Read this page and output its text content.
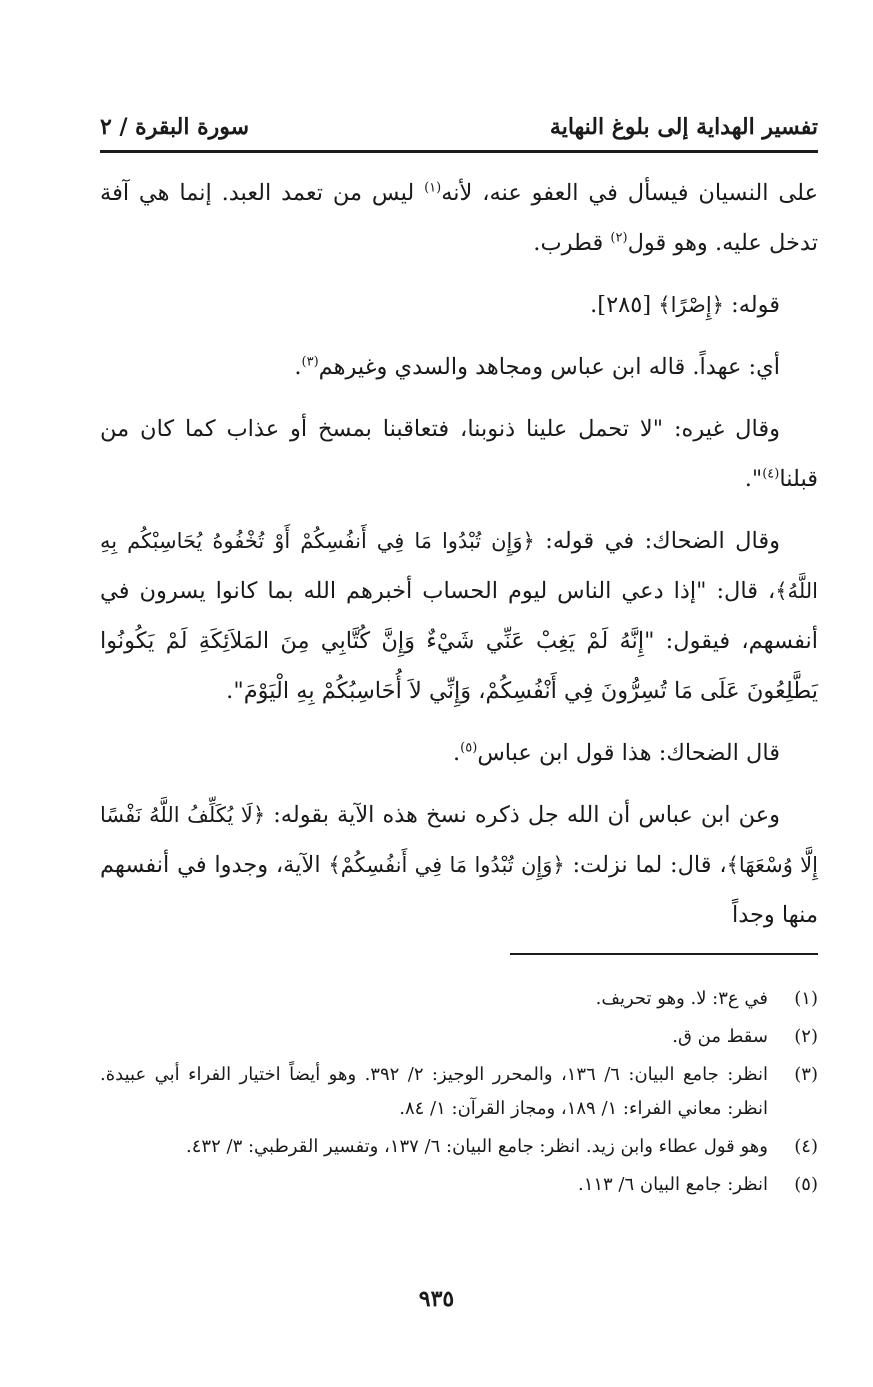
تفسير الهداية إلى بلوغ النهاية
سورة البقرة / ٢

على النسيان فيسأل في العفو عنه، لأنه$^{(١)}$ ليس من تعمد العبد. إنما هي آفة تدخل عليه. وهو قول$^{(٢)}$ قطرب.

قوله: ﴿إِصْرًا﴾ [٢٨٥].

أي: عهداً. قاله ابن عباس ومجاهد والسدي وغيرهم$^{(٣)}$.

وقال غيره: "لا تحمل علينا ذنوبنا، فتعاقبنا بمسخ أو عذاب كما كان من قبلنا$^{(٤)}$".

وقال الضحاك: في قوله: ﴿وَإِن تُبْدُوا مَا فِي أَنفُسِكُمْ أَوْ تُخْفُوهُ يُحَاسِبْكُم بِهِ اللَّهُ﴾، قال: "إذا دعي الناس ليوم الحساب أخبرهم الله بما كانوا يسرون في أنفسهم، فيقول: "إِنَّهُ لَمْ يَغِبْ عَنِّي شَيْءٌ وَإِنَّ كُتَّابِي مِنَ المَلاَئِكَةِ لَمْ يَكُونُوا يَطَّلِعُونَ عَلَى مَا تُسِرُّونَ فِي أَنْفُسِكُمْ، وَإِنِّي لاَ أُحَاسِبُكُمْ بِهِ الْيَوْمَ".

قال الضحاك: هذا قول ابن عباس$^{(٥)}$.

وعن ابن عباس أن الله جل ذكره نسخ هذه الآية بقوله: ﴿لَا يُكَلِّفُ اللَّهُ نَفْسًا إِلَّا وُسْعَهَا﴾، قال: لما نزلت: ﴿وَإِن تُبْدُوا مَا فِي أَنفُسِكُمْ﴾ الآية، وجدوا في أنفسهم منها وجداً

(١)
في ع٣: لا. وهو تحريف.
(٢)
سقط من ق.
(٣)
انظر: جامع البيان: ٦/ ١٣٦، والمحرر الوجيز: ٢/ ٣٩٢. وهو أيضاً اختيار الفراء أبي عبيدة. انظر: معاني الفراء: ١/ ١٨٩، ومجاز القرآن: ١/ ٨٤.
(٤)
وهو قول عطاء وابن زيد. انظر: جامع البيان: ٦/ ١٣٧، وتفسير القرطبي: ٣/ ٤٣٢.
(٥)
انظر: جامع البيان ٦/ ١١٣.
٩٣٥
